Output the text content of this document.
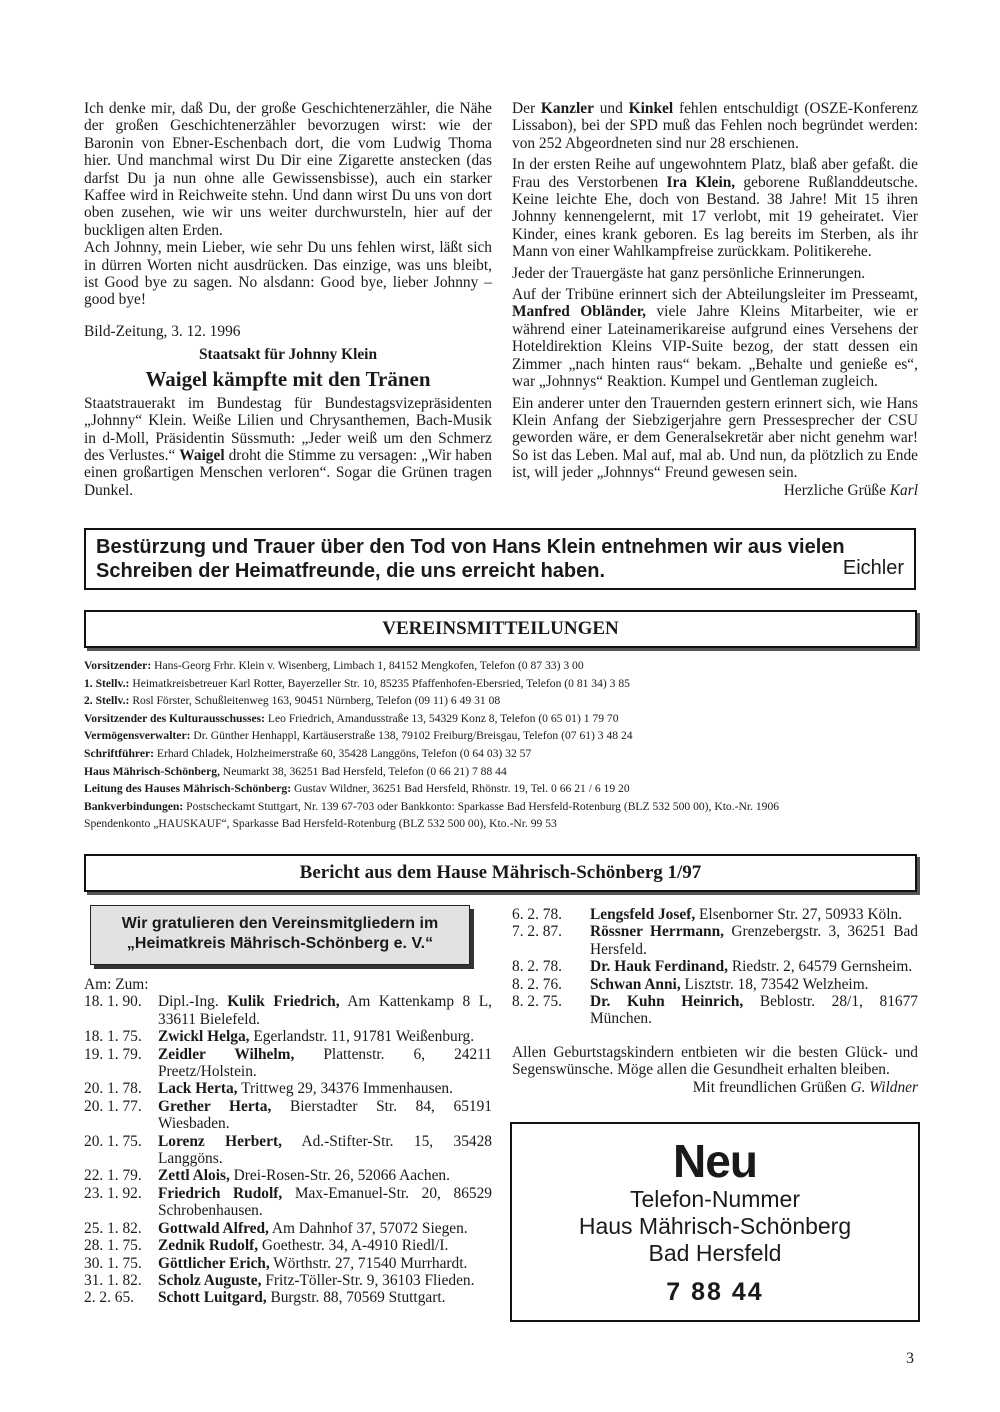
Ich denke mir, daß Du, der große Geschichtenerzähler, die Nähe der großen Geschichtenerzähler bevorzugen wirst: wie der Baronin von Ebner-Eschenbach dort, die vom Ludwig Thoma hier. Und manchmal wirst Du Dir eine Zigarette anstecken (das darfst Du ja nun ohne alle Gewissensbisse), auch ein starker Kaffee wird in Reichweite stehn. Und dann wirst Du uns von dort oben zusehen, wie wir uns weiter durchwursteln, hier auf der buckligen alten Erden.

Ach Johnny, mein Lieber, wie sehr Du uns fehlen wirst, läßt sich in dürren Worten nicht ausdrücken. Das einzige, was uns bleibt, ist Good bye zu sagen. No alsdann: Good bye, lieber Johnny – good bye!

Bild-Zeitung, 3. 12. 1996

Staatsakt für Johnny Klein
Waigel kämpfte mit den Tränen

Staatstrauerakt im Bundestag für Bundestagsvizepräsidenten „Johnny“ Klein. Weiße Lilien und Chrysanthemen, Bach-Musik in d-Moll, Präsidentin Süssmuth: „Jeder weiß um den Schmerz des Verlustes.“ Waigel droht die Stimme zu versagen: „Wir haben einen großartigen Menschen verloren“. Sogar die Grünen tragen Dunkel.

Der Kanzler und Kinkel fehlen entschuldigt (OSZE-Konferenz Lissabon), bei der SPD muß das Fehlen noch begründet werden: von 252 Abgeordneten sind nur 28 erschienen.

In der ersten Reihe auf ungewohntem Platz, blaß aber gefaßt. die Frau des Verstorbenen Ira Klein, geborene Rußlanddeutsche. Keine leichte Ehe, doch von Bestand. 38 Jahre! Mit 15 ihren Johnny kennengelernt, mit 17 verlobt, mit 19 geheiratet. Vier Kinder, eines krank geboren. Es lag bereits im Sterben, als ihr Mann von einer Wahlkampfreise zurückkam. Politikerehe.

Jeder der Trauergäste hat ganz persönliche Erinnerungen.

Auf der Tribüne erinnert sich der Abteilungsleiter im Presseamt, Manfred Obländer, viele Jahre Kleins Mitarbeiter, wie er während einer Lateinamerikareise aufgrund eines Versehens der Hoteldirektion Kleins VIP-Suite bezog, der statt dessen ein Zimmer „nach hinten raus“ bekam. „Behalte und genieße es“, war „Johnnys“ Reaktion. Kumpel und Gentleman zugleich.

Ein anderer unter den Trauernden gestern erinnert sich, wie Hans Klein Anfang der Siebzigerjahre gern Pressesprecher der CSU geworden wäre, er dem Generalsekretär aber nicht genehm war! So ist das Leben. Mal auf, mal ab. Und nun, da plötzlich zu Ende ist, will jeder „Johnnys“ Freund gewesen sein.

Herzliche Grüße Karl

Bestürzung und Trauer über den Tod von Hans Klein entnehmen wir aus vielen
Schreiben der Heimatfreunde, die uns erreicht haben.	Eichler
VEREINSMITTEILUNGEN
Vorsitzender: Hans-Georg Frhr. Klein v. Wisenberg, Limbach 1, 84152 Mengkofen, Telefon (0 87 33) 3 00
1. Stellv.: Heimatkreisbetreuer Karl Rotter, Bayerzeller Str. 10, 85235 Pfaffenhofen-Ebersried, Telefon (0 81 34) 3 85
2. Stellv.: Rosl Förster, Schußleitenweg 163, 90451 Nürnberg, Telefon (09 11) 6 49 31 08
Vorsitzender des Kulturausschusses: Leo Friedrich, Amandusstraße 13, 54329 Konz 8, Telefon (0 65 01) 1 79 70
Vermögensverwalter: Dr. Günther Henhappl, Kartäuserstraße 138, 79102 Freiburg/Breisgau, Telefon (07 61) 3 48 24
Schriftführer: Erhard Chladek, Holzheimerstraße 60, 35428 Langgöns, Telefon (0 64 03) 32 57
Haus Mährisch-Schönberg, Neumarkt 38, 36251 Bad Hersfeld, Telefon (0 66 21) 7 88 44
Leitung des Hauses Mährisch-Schönberg: Gustav Wildner, 36251 Bad Hersfeld, Rhönstr. 19, Tel. 0 66 21 / 6 19 20
Bankverbindungen: Postscheckamt Stuttgart, Nr. 139 67-703 oder Bankkonto: Sparkasse Bad Hersfeld-Rotenburg (BLZ 532 500 00), Kto.-Nr. 1906
Spendenkonto „HAUSKAUF“, Sparkasse Bad Hersfeld-Rotenburg (BLZ 532 500 00), Kto.-Nr. 99 53
Bericht aus dem Hause Mährisch-Schönberg 1/97
Wir gratulieren den Vereinsmitgliedern im
„Heimatkreis Mährisch-Schönberg e. V.“
Am: Zum:
18. 1. 90.	Dipl.-Ing. Kulik Friedrich, Am Kattenkamp 8 L, 33611 Bielefeld.
18. 1. 75.	Zwickl Helga, Egerlandstr. 11, 91781 Weißenburg.
19. 1. 79.	Zeidler Wilhelm, Plattenstr. 6, 24211 Preetz/Holstein.
20. 1. 78.	Lack Herta, Trittweg 29, 34376 Immenhausen.
20. 1. 77.	Grether Herta, Bierstadter Str. 84, 65191 Wiesbaden.
20. 1. 75.	Lorenz Herbert, Ad.-Stifter-Str. 15, 35428 Langgöns.
22. 1. 79.	Zettl Alois, Drei-Rosen-Str. 26, 52066 Aachen.
23. 1. 92.	Friedrich Rudolf, Max-Emanuel-Str. 20, 86529 Schrobenhausen.
25. 1. 82.	Gottwald Alfred, Am Dahnhof 37, 57072 Siegen.
28. 1. 75.	Zednik Rudolf, Goethestr. 34, A-4910 Riedl/I.
30. 1. 75.	Göttlicher Erich, Wörthstr. 27, 71540 Murrhardt.
31. 1. 82.	Scholz Auguste, Fritz-Töller-Str. 9, 36103 Flieden.
2. 2. 65.	Schott Luitgard, Burgstr. 88, 70569 Stuttgart.
6. 2. 78.	Lengsfeld Josef, Elsenborner Str. 27, 50933 Köln.
7. 2. 87.	Rössner Herrmann, Grenzebergstr. 3, 36251 Bad Hersfeld.
8. 2. 78.	Dr. Hauk Ferdinand, Riedstr. 2, 64579 Gernsheim.
8. 2. 76.	Schwan Anni, Lisztstr. 18, 73542 Welzheim.
8. 2. 75.	Dr. Kuhn Heinrich, Beblostr. 28/1, 81677 München.
Allen Geburtstagskindern entbieten wir die besten Glück- und Segenswünsche. Möge allen die Gesundheit erhalten bleiben.
Mit freundlichen Grüßen G. Wildner
Neu
Telefon-Nummer
Haus Mährisch-Schönberg
Bad Hersfeld
7 88 44
3
